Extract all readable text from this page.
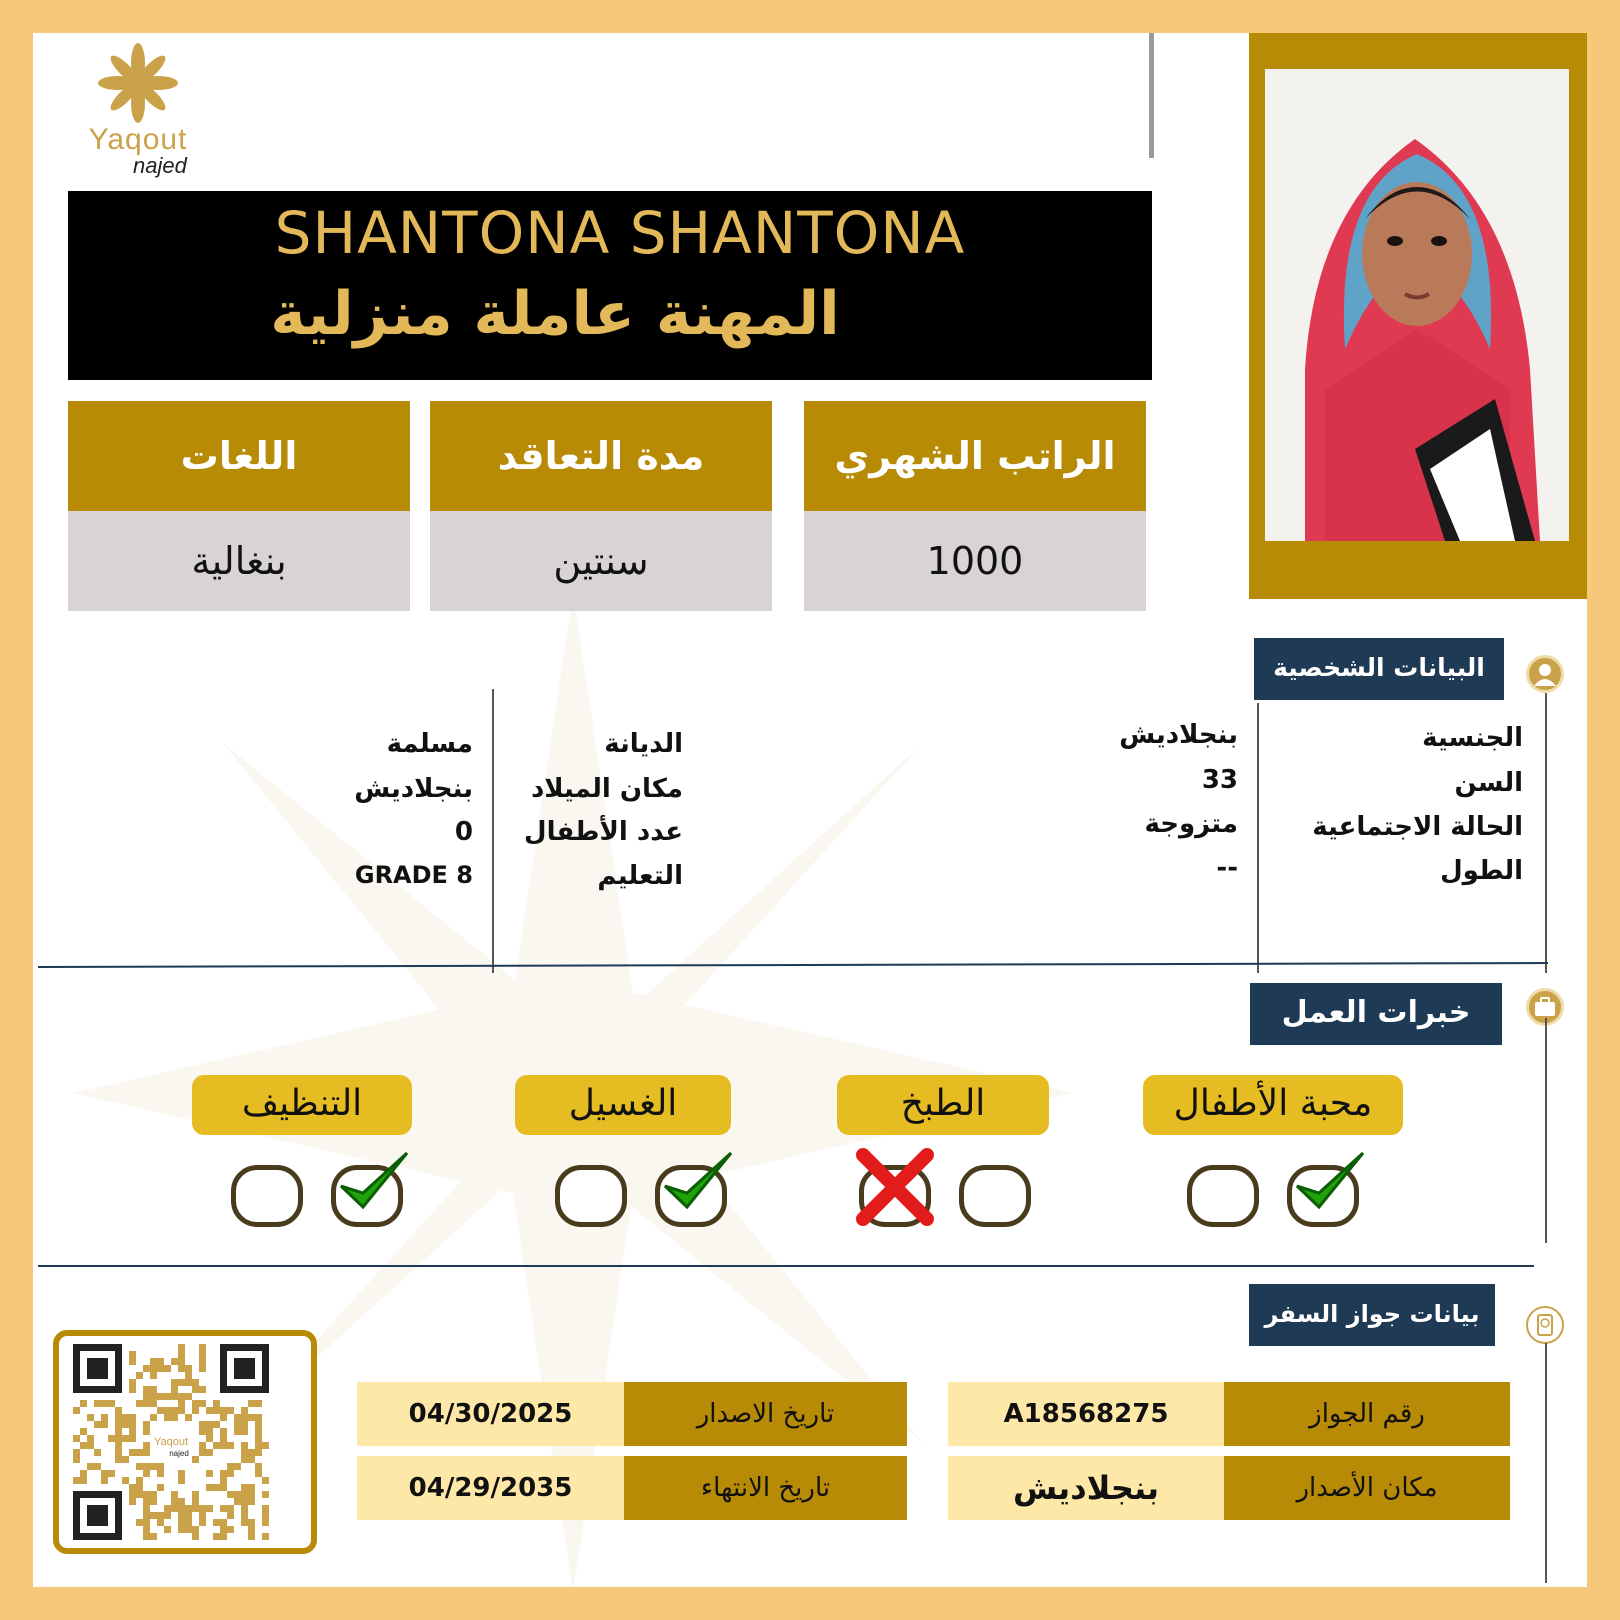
Yaqout
najed
SHANTONA SHANTONA
المهنة عاملة منزلية
اللغات
بنغالية
مدة التعاقد
سنتين
الراتب الشهري
1000
البيانات الشخصية
الجنسية
السن
الحالة الاجتماعية
الطول
بنجلاديش
33
متزوجة
--
الديانة
مكان الميلاد
عدد الأطفال
التعليم
مسلمة
بنجلاديش
0
GRADE 8
خبرات العمل
محبة الأطفال
الطبخ
الغسيل
التنظيف
بيانات جواز السفر
رقم الجواز
A18568275
مكان الأصدار
بنجلاديش
تاريخ الاصدار
04/30/2025
تاريخ الانتهاء
04/29/2035
Yaqout
najed
